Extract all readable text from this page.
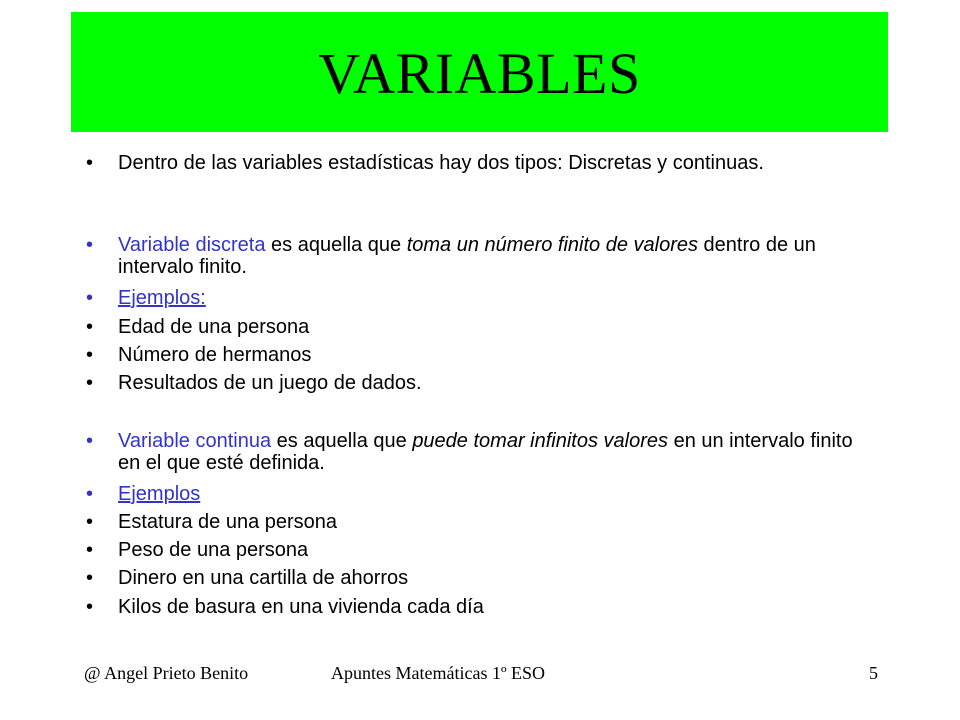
VARIABLES
•	Dentro de las variables estadísticas hay dos tipos: Discretas y continuas.
•	Variable discreta es aquella que toma un número finito de valores dentro de un intervalo finito.
•	Ejemplos:
•	Edad de una persona
•	Número de hermanos
•	Resultados de un juego de dados.
•	Variable continua es aquella que puede tomar infinitos valores en un intervalo finito en el que esté definida.
•	Ejemplos
•	Estatura de una persona
•	Peso de una persona
•	Dinero en una cartilla de ahorros
•	Kilos de basura en una vivienda cada día
@ Angel Prieto Benito	Apuntes Matemáticas 1º ESO	5
